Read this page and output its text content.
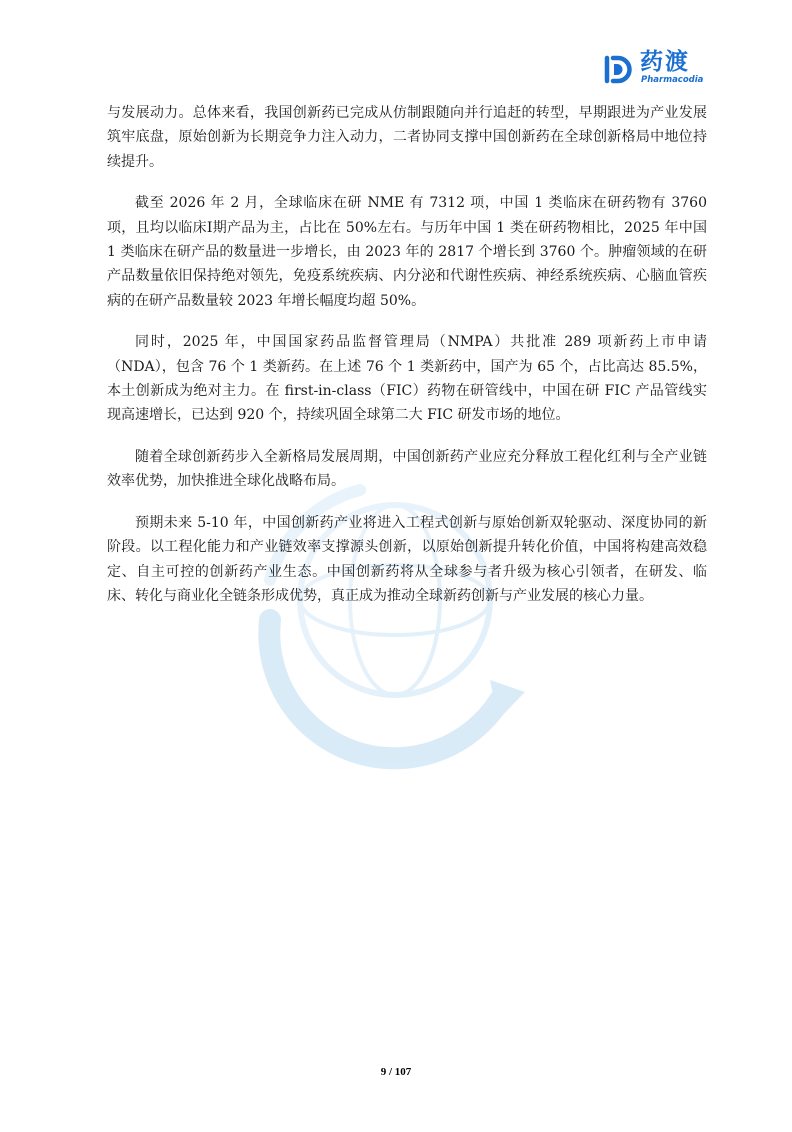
药渡
Pharmacodia

与发展动力。总体来看，我国创新药已完成从仿制跟随向并行追赶的转型，早期跟进为产业发展筑牢底盘，原始创新为长期竞争力注入动力，二者协同支撑中国创新药在全球创新格局中地位持续提升。

截至 2026 年 2 月，全球临床在研 NME 有 7312 项，中国 1 类临床在研药物有 3760 项，且均以临床Ⅰ期产品为主，占比在 50%左右。与历年中国 1 类在研药物相比，2025 年中国 1 类临床在研产品的数量进一步增长，由 2023 年的 2817 个增长到 3760 个。肿瘤领域的在研产品数量依旧保持绝对领先，免疫系统疾病、内分泌和代谢性疾病、神经系统疾病、心脑血管疾病的在研产品数量较 2023 年增长幅度均超 50%。

同时，2025 年，中国国家药品监督管理局（NMPA）共批准 289 项新药上市申请（NDA），包含 76 个 1 类新药。在上述 76 个 1 类新药中，国产为 65 个，占比高达 85.5%，本土创新成为绝对主力。在 first-in-class（FIC）药物在研管线中，中国在研 FIC 产品管线实现高速增长，已达到 920 个，持续巩固全球第二大 FIC 研发市场的地位。

随着全球创新药步入全新格局发展周期，中国创新药产业应充分释放工程化红利与全产业链效率优势，加快推进全球化战略布局。

预期未来 5-10 年，中国创新药产业将进入工程式创新与原始创新双轮驱动、深度协同的新阶段。以工程化能力和产业链效率支撑源头创新，以原始创新提升转化价值，中国将构建高效稳定、自主可控的创新药产业生态。中国创新药将从全球参与者升级为核心引领者，在研发、临床、转化与商业化全链条形成优势，真正成为推动全球新药创新与产业发展的核心力量。

9 / 107
